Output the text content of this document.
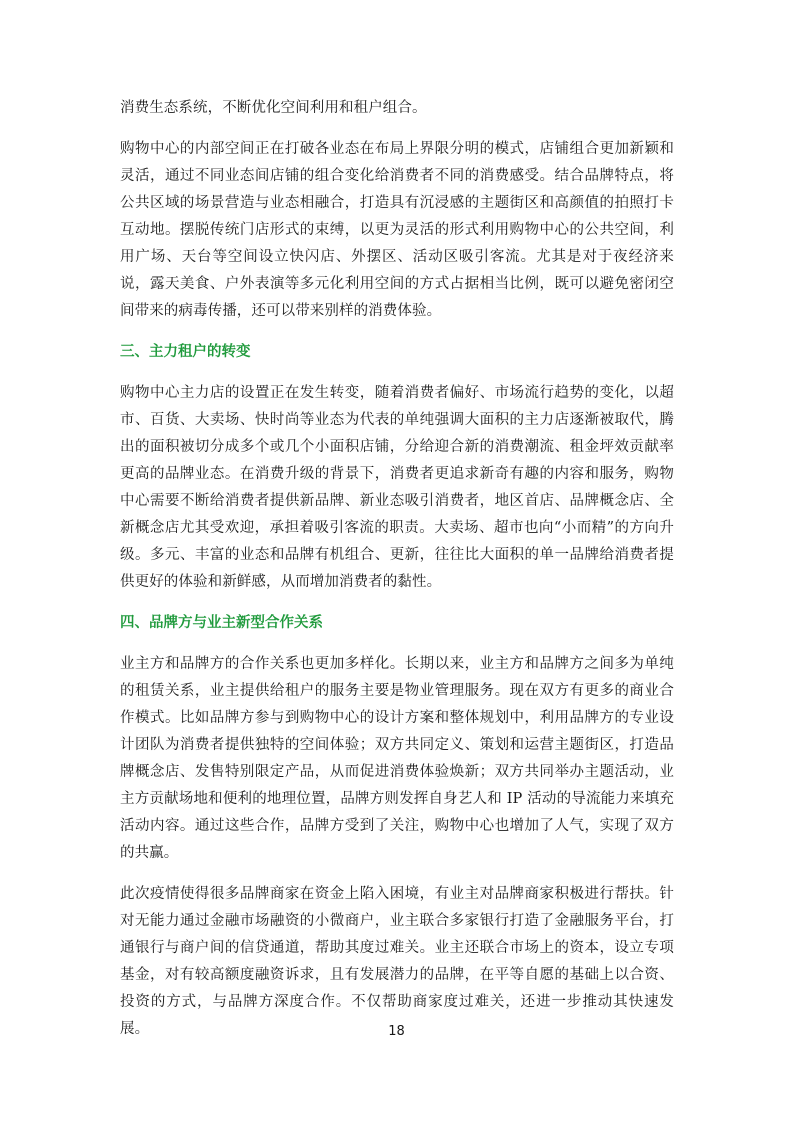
消费生态系统，不断优化空间利用和租户组合。

购物中心的内部空间正在打破各业态在布局上界限分明的模式，店铺组合更加新颖和灵活，通过不同业态间店铺的组合变化给消费者不同的消费感受。结合品牌特点，将公共区域的场景营造与业态相融合，打造具有沉浸感的主题街区和高颜值的拍照打卡互动地。摆脱传统门店形式的束缚，以更为灵活的形式利用购物中心的公共空间，利用广场、天台等空间设立快闪店、外摆区、活动区吸引客流。尤其是对于夜经济来说，露天美食、户外表演等多元化利用空间的方式占据相当比例，既可以避免密闭空间带来的病毒传播，还可以带来别样的消费体验。

三、主力租户的转变

购物中心主力店的设置正在发生转变，随着消费者偏好、市场流行趋势的变化，以超市、百货、大卖场、快时尚等业态为代表的单纯强调大面积的主力店逐渐被取代，腾出的面积被切分成多个或几个小面积店铺，分给迎合新的消费潮流、租金坪效贡献率更高的品牌业态。在消费升级的背景下，消费者更追求新奇有趣的内容和服务，购物中心需要不断给消费者提供新品牌、新业态吸引消费者，地区首店、品牌概念店、全新概念店尤其受欢迎，承担着吸引客流的职责。大卖场、超市也向“小而精”的方向升级。多元、丰富的业态和品牌有机组合、更新，往往比大面积的单一品牌给消费者提供更好的体验和新鲜感，从而增加消费者的黏性。

四、品牌方与业主新型合作关系

业主方和品牌方的合作关系也更加多样化。长期以来，业主方和品牌方之间多为单纯的租赁关系，业主提供给租户的服务主要是物业管理服务。现在双方有更多的商业合作模式。比如品牌方参与到购物中心的设计方案和整体规划中，利用品牌方的专业设计团队为消费者提供独特的空间体验；双方共同定义、策划和运营主题街区，打造品牌概念店、发售特别限定产品，从而促进消费体验焕新；双方共同举办主题活动，业主方贡献场地和便利的地理位置，品牌方则发挥自身艺人和 IP 活动的导流能力来填充活动内容。通过这些合作，品牌方受到了关注，购物中心也增加了人气，实现了双方的共赢。

此次疫情使得很多品牌商家在资金上陷入困境，有业主对品牌商家积极进行帮扶。针对无能力通过金融市场融资的小微商户，业主联合多家银行打造了金融服务平台，打通银行与商户间的信贷通道，帮助其度过难关。业主还联合市场上的资本，设立专项基金，对有较高额度融资诉求，且有发展潜力的品牌，在平等自愿的基础上以合资、投资的方式，与品牌方深度合作。不仅帮助商家度过难关，还进一步推动其快速发展。	18
